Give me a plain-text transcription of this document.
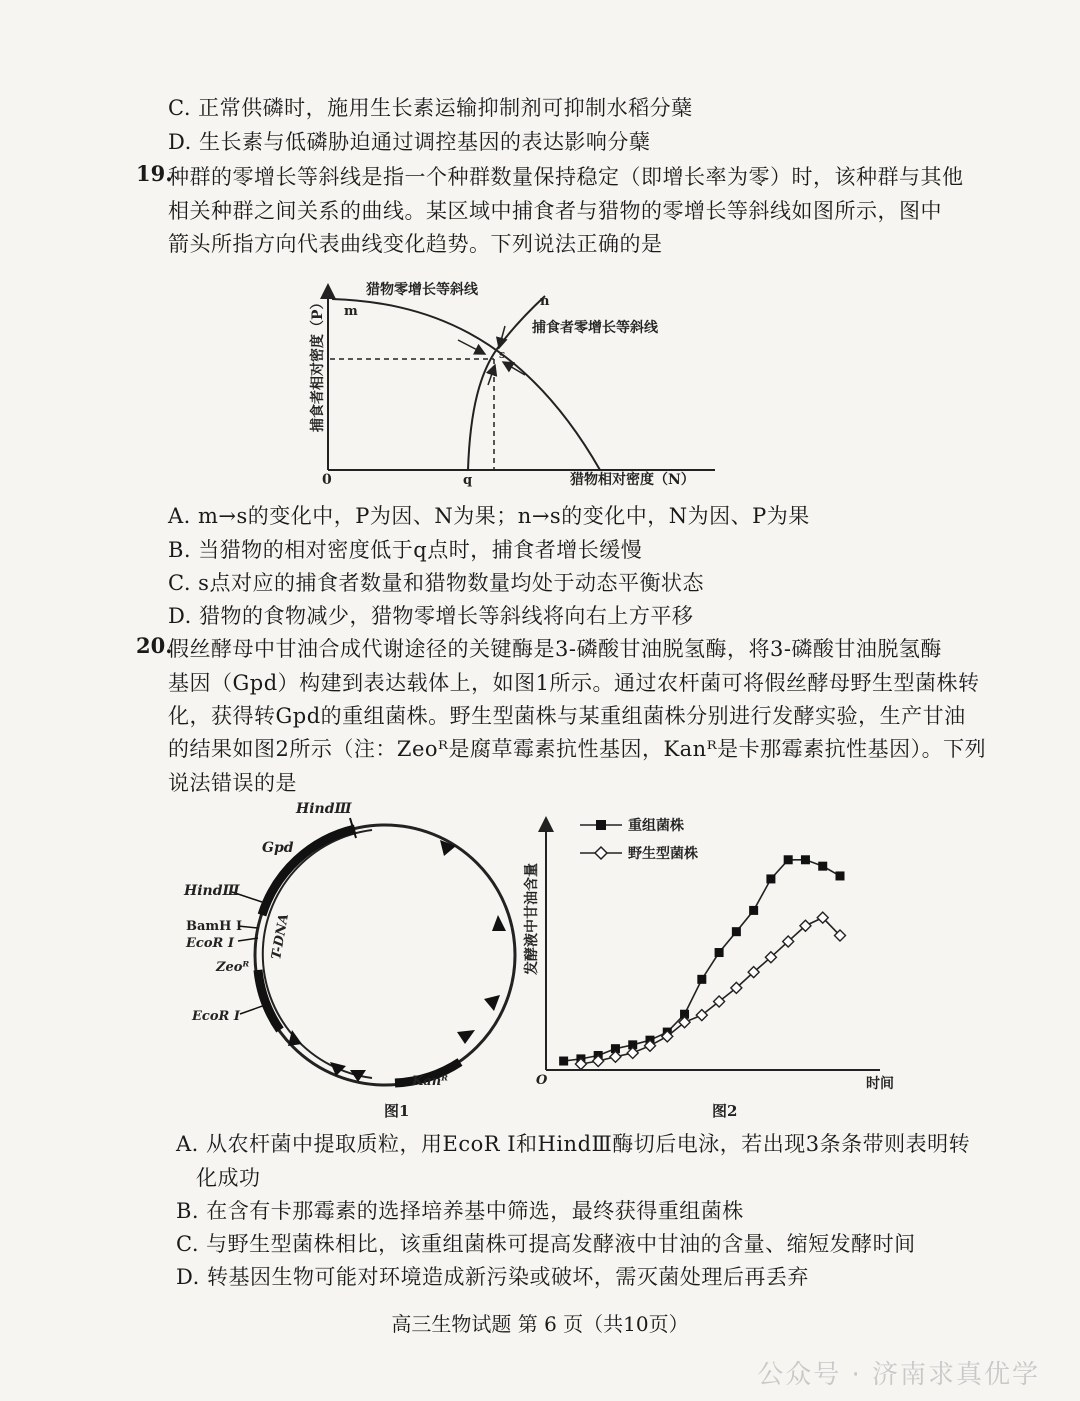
C. 正常供磷时，施用生长素运输抑制剂可抑制水稻分蘖
D. 生长素与低磷胁迫通过调控基因的表达影响分蘖
19.
种群的零增长等斜线是指一个种群数量保持稳定（即增长率为零）时，该种群与其他
相关种群之间关系的曲线。某区域中捕食者与猎物的零增长等斜线如图所示，图中
箭头所指方向代表曲线变化趋势。下列说法正确的是
捕食者相对密度（P）
猎物相对密度（N）
0
猎物零增长等斜线
捕食者零增长等斜线
m
n
s
q
A. m→s的变化中，P为因、N为果；n→s的变化中，N为因、P为果
B. 当猎物的相对密度低于q点时，捕食者增长缓慢
C. s点对应的捕食者数量和猎物数量均处于动态平衡状态
D. 猎物的食物减少，猎物零增长等斜线将向右上方平移
20.
假丝酵母中甘油合成代谢途径的关键酶是3-磷酸甘油脱氢酶，将3-磷酸甘油脱氢酶
基因（Gpd）构建到表达载体上，如图1所示。通过农杆菌可将假丝酵母野生型菌株转
化，获得转Gpd的重组菌株。野生型菌株与某重组菌株分别进行发酵实验，生产甘油
的结果如图2所示（注：Zeoᴿ是腐草霉素抗性基因，Kanᴿ是卡那霉素抗性基因）。下列
说法错误的是
HindⅢ
Gpd
HindⅢ
BamH Ⅰ
EcoR Ⅰ
Zeoᴿ
EcoR Ⅰ
T-DNA
Kanᴿ
图1
发酵液中甘油含量
时间
O
重组菌株
野生型菌株
图2
A. 从农杆菌中提取质粒，用EcoR Ⅰ和HindⅢ酶切后电泳，若出现3条条带则表明转
化成功
B. 在含有卡那霉素的选择培养基中筛选，最终获得重组菌株
C. 与野生型菌株相比，该重组菌株可提高发酵液中甘油的含量、缩短发酵时间
D. 转基因生物可能对环境造成新污染或破坏，需灭菌处理后再丢弃
高三生物试题 第 6 页（共10页）
公众号 · 济南求真优学
